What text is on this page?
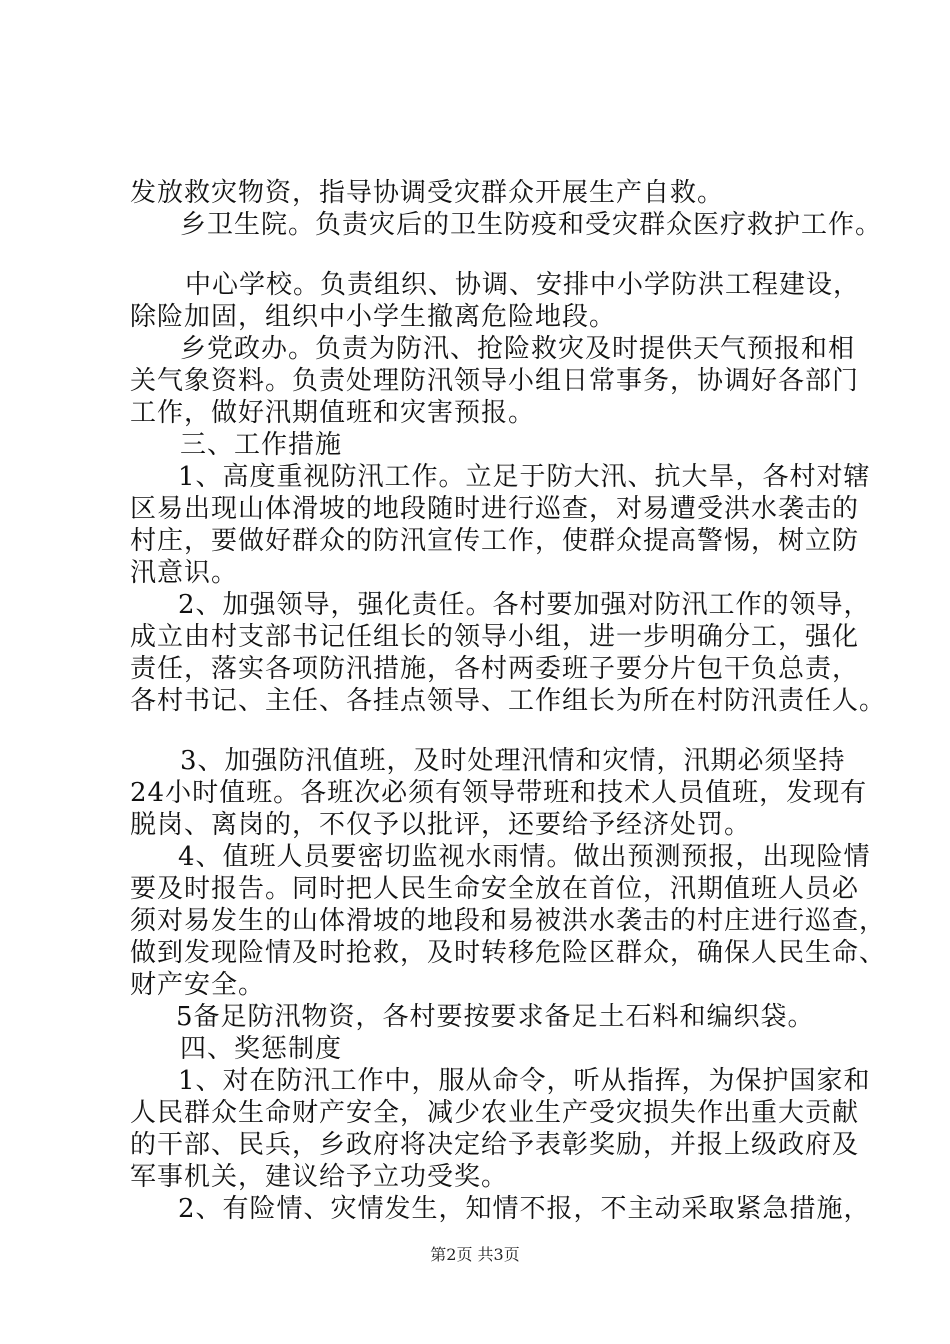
发放救灾物资，指导协调受灾群众开展生产自救。
乡卫生院。负责灾后的卫生防疫和受灾群众医疗救护工作。
中心学校。负责组织、协调、安排中小学防洪工程建设，
除险加固，组织中小学生撤离危险地段。
乡党政办。负责为防汛、抢险救灾及时提供天气预报和相
关气象资料。负责处理防汛领导小组日常事务，协调好各部门
工作，做好汛期值班和灾害预报。
三、工作措施
1、高度重视防汛工作。立足于防大汛、抗大旱，各村对辖
区易出现山体滑坡的地段随时进行巡查，对易遭受洪水袭击的
村庄，要做好群众的防汛宣传工作，使群众提高警惕，树立防
汛意识。
2、加强领导，强化责任。各村要加强对防汛工作的领导，
成立由村支部书记任组长的领导小组，进一步明确分工，强化
责任，落实各项防汛措施，各村两委班子要分片包干负总责，
各村书记、主任、各挂点领导、工作组长为所在村防汛责任人。
3、加强防汛值班，及时处理汛情和灾情，汛期必须坚持
24小时值班。各班次必须有领导带班和技术人员值班，发现有
脱岗、离岗的，不仅予以批评，还要给予经济处罚。
4、值班人员要密切监视水雨情。做出预测预报，出现险情
要及时报告。同时把人民生命安全放在首位，汛期值班人员必
须对易发生的山体滑坡的地段和易被洪水袭击的村庄进行巡查，
做到发现险情及时抢救，及时转移危险区群众，确保人民生命、
财产安全。
5备足防汛物资，各村要按要求备足土石料和编织袋。
四、奖惩制度
1、对在防汛工作中，服从命令，听从指挥，为保护国家和
人民群众生命财产安全，减少农业生产受灾损失作出重大贡献
的干部、民兵，乡政府将决定给予表彰奖励，并报上级政府及
军事机关，建议给予立功受奖。
2、有险情、灾情发生，知情不报，不主动采取紧急措施，
第2页 共3页
